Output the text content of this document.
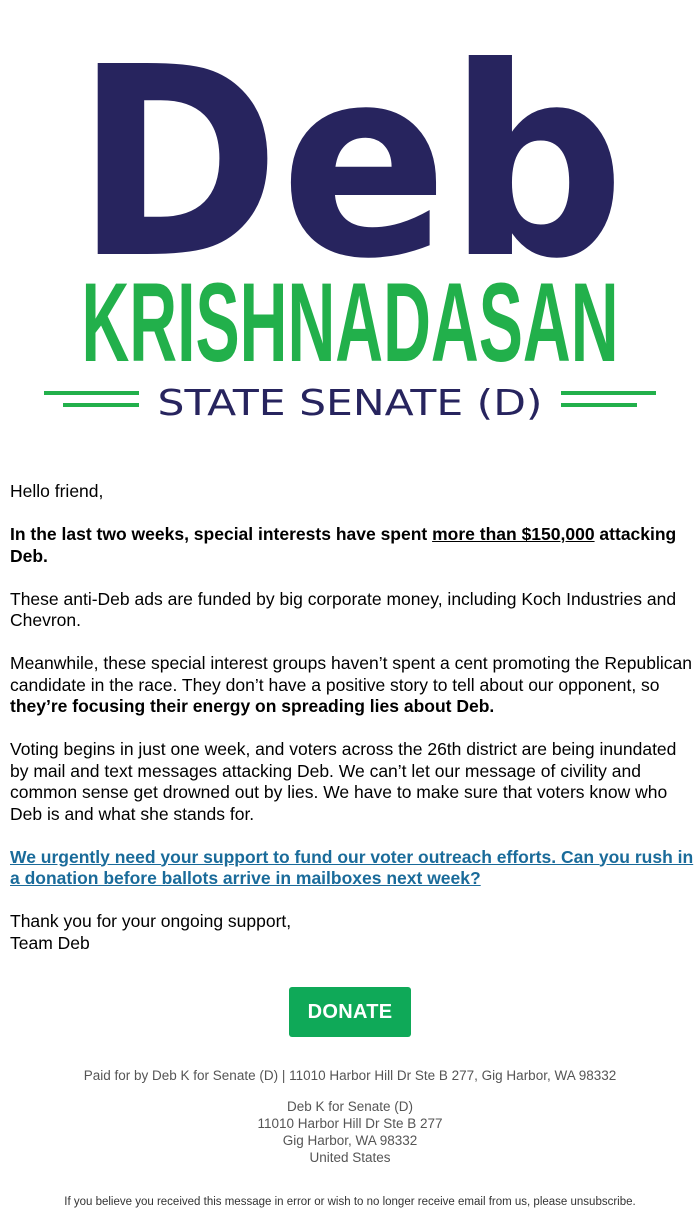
Deb
KRISHNADASAN
STATE SENATE (D)

Hello friend,

In the last two weeks, special interests have spent more than $150,000 attacking Deb.

These anti-Deb ads are funded by big corporate money, including Koch Industries and Chevron.

Meanwhile, these special interest groups haven’t spent a cent promoting the Republican candidate in the race. They don’t have a positive story to tell about our opponent, so they’re focusing their energy on spreading lies about Deb.

Voting begins in just one week, and voters across the 26th district are being inundated by mail and text messages attacking Deb. We can’t let our message of civility and common sense get drowned out by lies. We have to make sure that voters know who Deb is and what she stands for.

We urgently need your support to fund our voter outreach efforts. Can you rush in a donation before ballots arrive in mailboxes next week?

Thank you for your ongoing support,
Team Deb

DONATE
Paid for by Deb K for Senate (D) | 11010 Harbor Hill Dr Ste B 277, Gig Harbor, WA 98332
Deb K for Senate (D)
11010 Harbor Hill Dr Ste B 277
Gig Harbor, WA 98332
United States
If you believe you received this message in error or wish to no longer receive email from us, please unsubscribe.
